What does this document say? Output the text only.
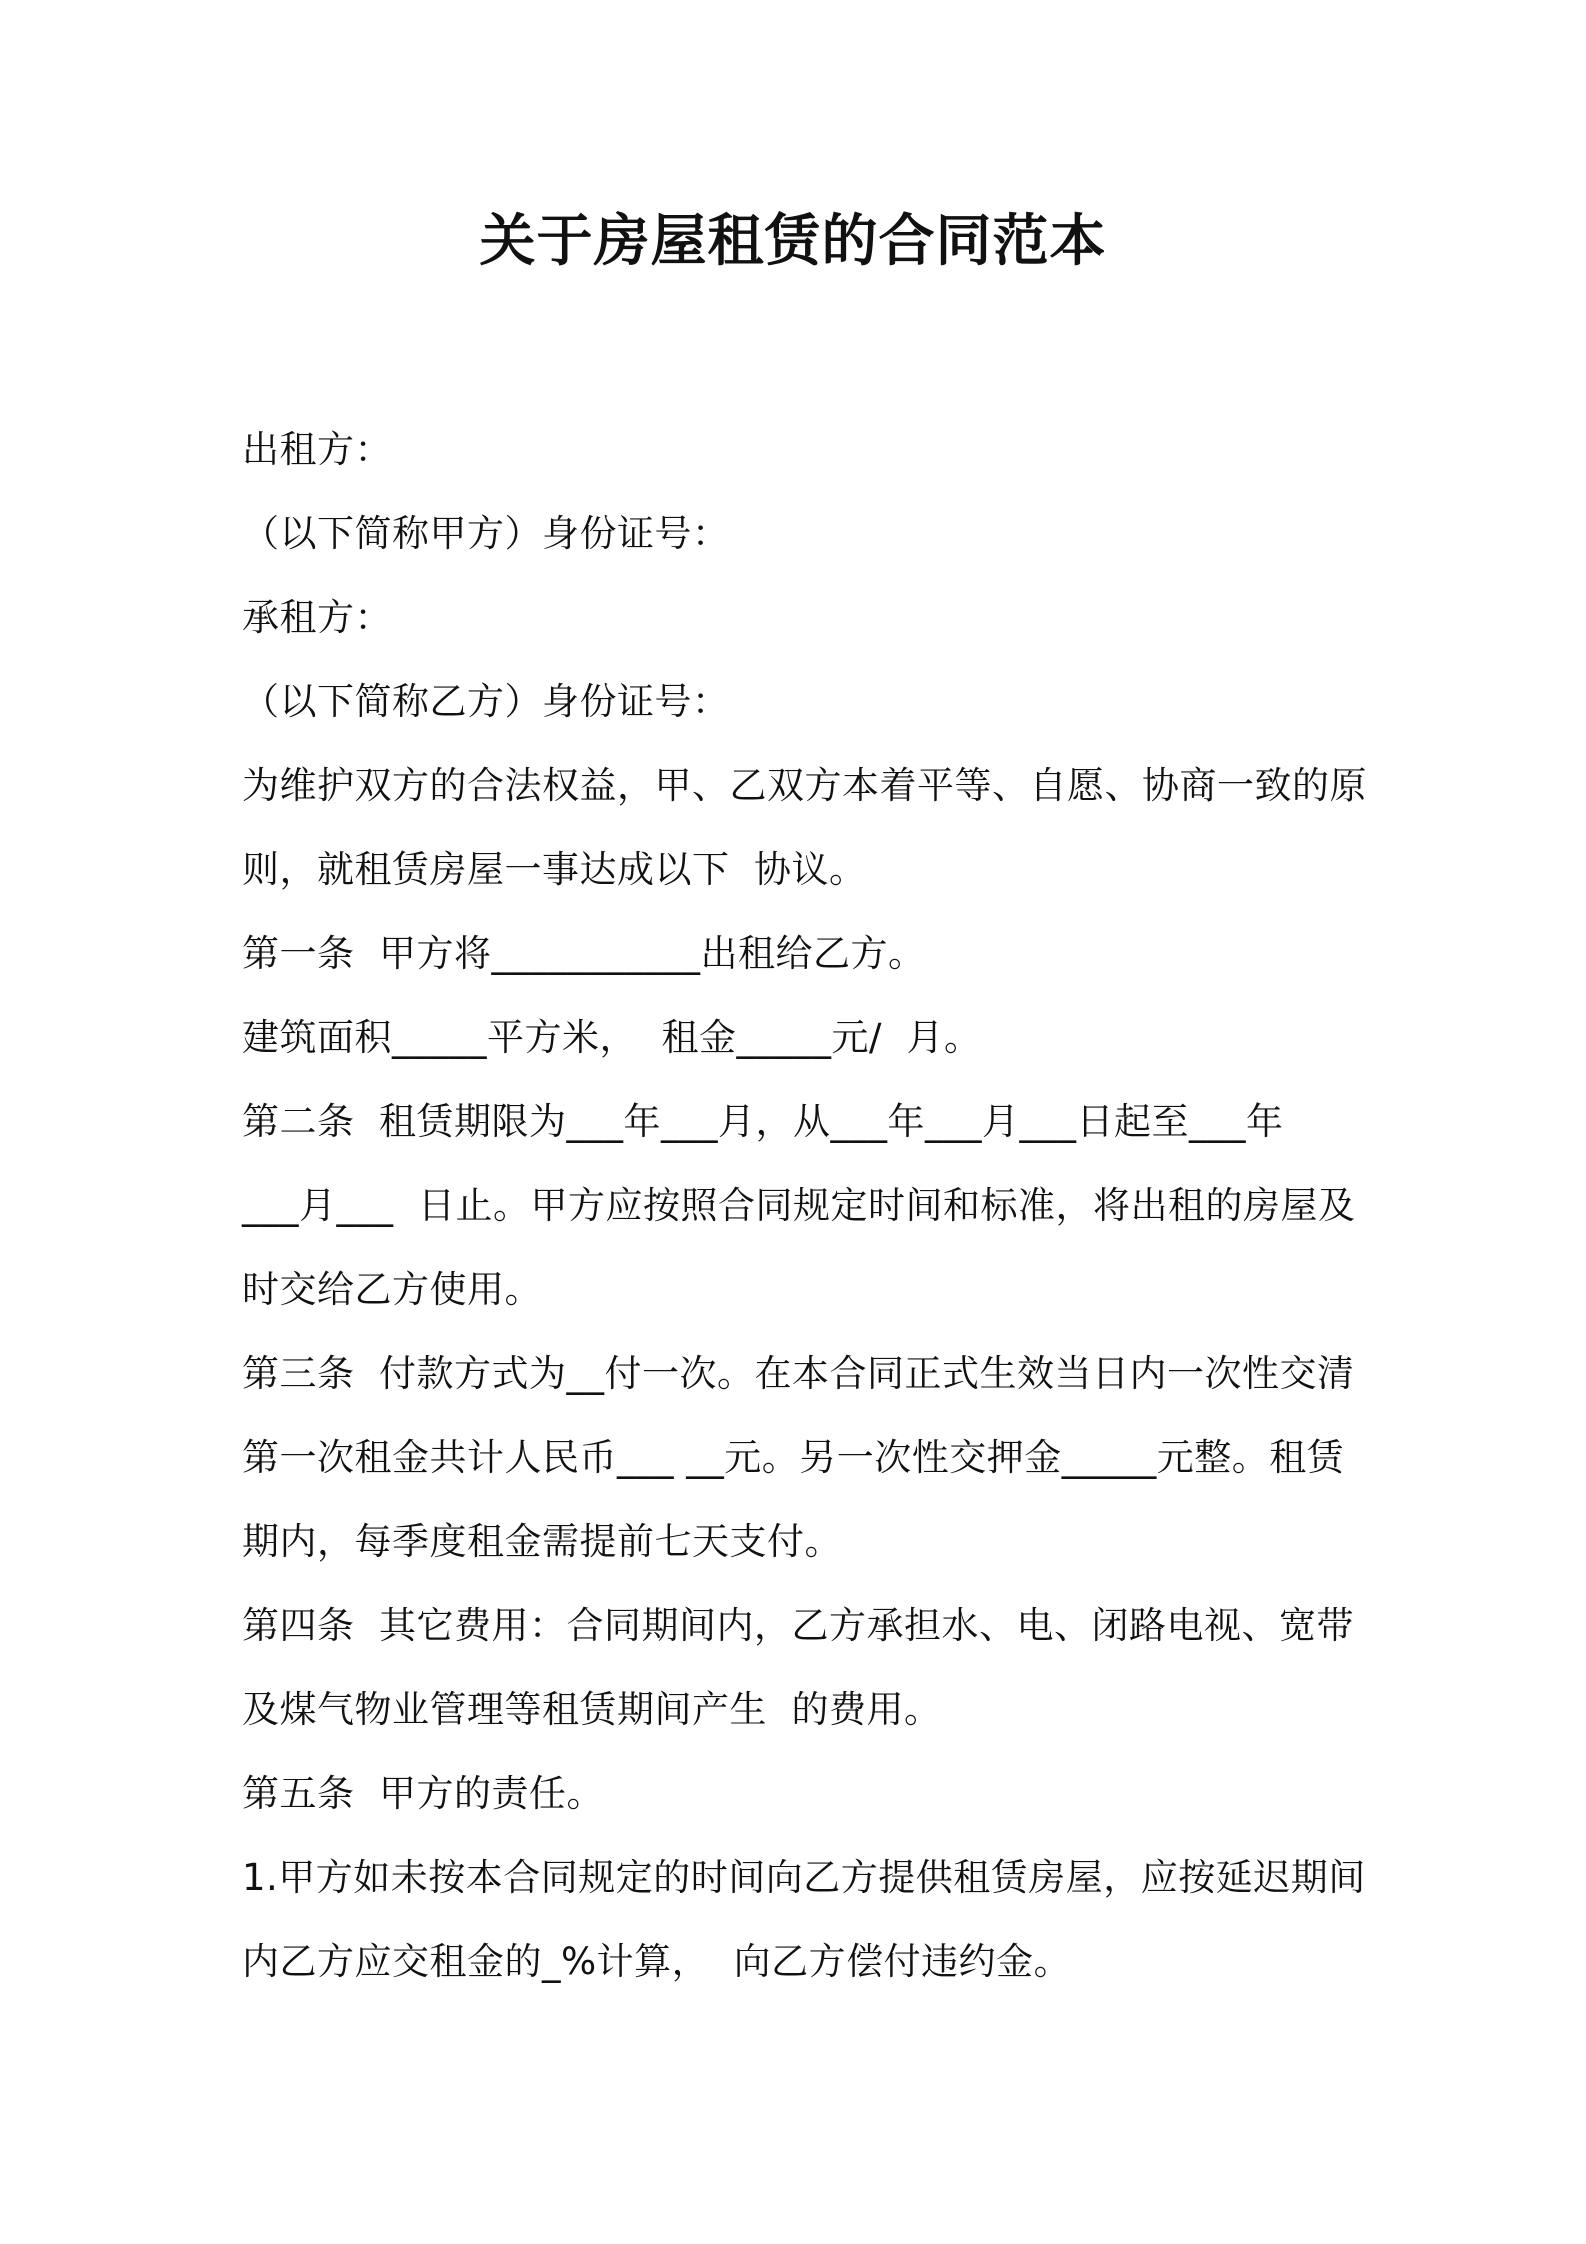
关于房屋租赁的合同范本

出租方：

（以下简称甲方）身份证号：

承租方：

（以下简称乙方）身份证号：

为维护双方的合法权益，甲、乙双方本着平等、自愿、协商一致的原

则，就租赁房屋一事达成以下  协议。

第一条  甲方将___________出租给乙方。

建筑面积_____平方米，  租金_____元/  月。

第二条  租赁期限为___年___月，从___年___月___日起至___年

___月___  日止。甲方应按照合同规定时间和标准，将出租的房屋及

时交给乙方使用。

第三条  付款方式为__付一次。在本合同正式生效当日内一次性交清

第一次租金共计人民币___ __元。另一次性交押金_____元整。租赁

期内，每季度租金需提前七天支付。

第四条  其它费用：合同期间内，乙方承担水、电、闭路电视、宽带

及煤气物业管理等租赁期间产生  的费用。

第五条  甲方的责任。

1.甲方如未按本合同规定的时间向乙方提供租赁房屋，应按延迟期间

内乙方应交租金的_%计算，  向乙方偿付违约金。
